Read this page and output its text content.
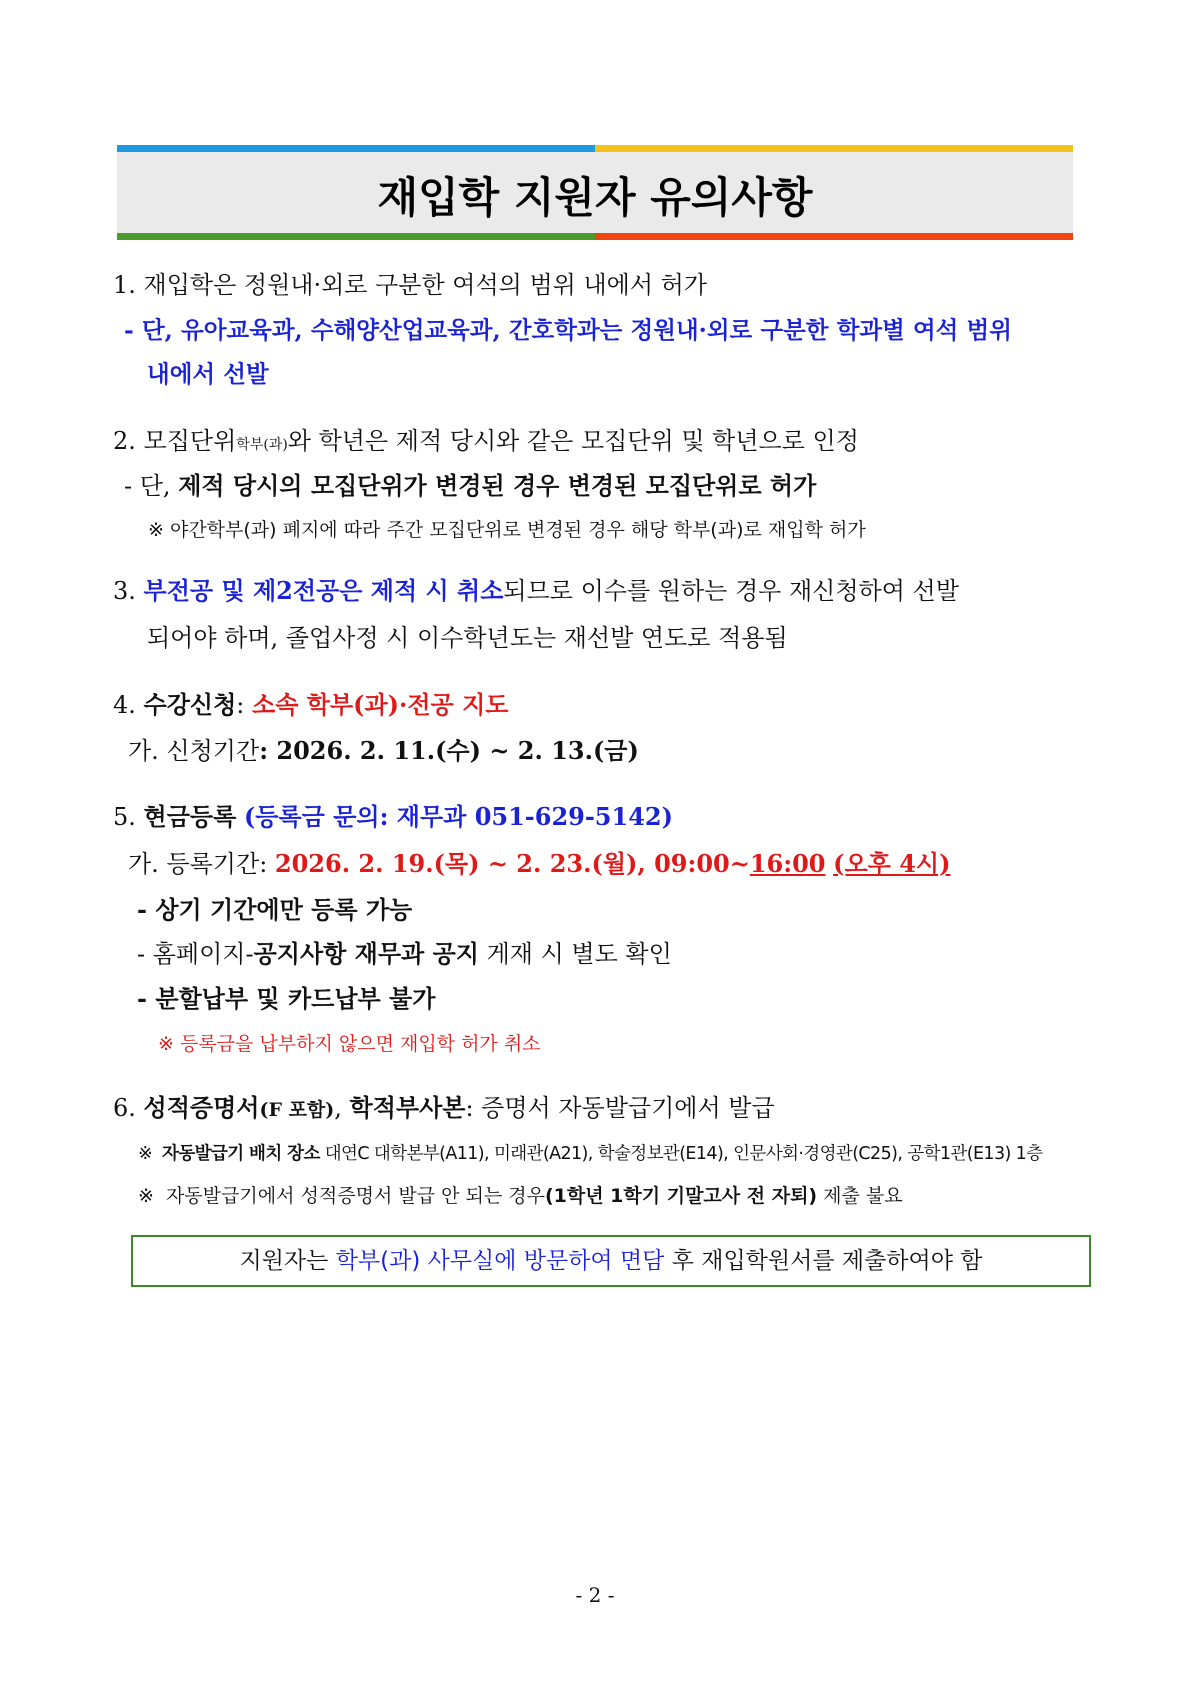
재입학 지원자 유의사항
1. 재입학은 정원내·외로 구분한 여석의 범위 내에서 허가
- 단, 유아교육과, 수해양산업교육과, 간호학과는 정원내·외로 구분한 학과별 여석 범위
내에서 선발
2. 모집단위학부(과)와 학년은 제적 당시와 같은 모집단위 및 학년으로 인정
- 단, 제적 당시의 모집단위가 변경된 경우 변경된 모집단위로 허가
※ 야간학부(과) 폐지에 따라 주간 모집단위로 변경된 경우 해당 학부(과)로 재입학 허가
3. 부전공 및 제2전공은 제적 시 취소되므로 이수를 원하는 경우 재신청하여 선발
되어야 하며, 졸업사정 시 이수학년도는 재선발 연도로 적용됨
4. 수강신청: 소속 학부(과)·전공 지도
가. 신청기간: 2026. 2. 11.(수) ~ 2. 13.(금)
5. 현금등록 (등록금 문의: 재무과 051-629-5142)
가. 등록기간: 2026. 2. 19.(목) ~ 2. 23.(월), 09:00~16:00 (오후 4시)
- 상기 기간에만 등록 가능
- 홈페이지-공지사항 재무과 공지 게재 시 별도 확인
- 분할납부 및 카드납부 불가
※ 등록금을 납부하지 않으면 재입학 허가 취소
6. 성적증명서(F 포함), 학적부사본: 증명서 자동발급기에서 발급
※ 자동발급기 배치 장소 대연C 대학본부(A11), 미래관(A21), 학술정보관(E14), 인문사회·경영관(C25), 공학1관(E13) 1층
※ 자동발급기에서 성적증명서 발급 안 되는 경우(1학년 1학기 기말고사 전 자퇴) 제출 불요
지원자는 학부(과) 사무실에 방문하여 면담 후 재입학원서를 제출하여야 함
- 2 -
